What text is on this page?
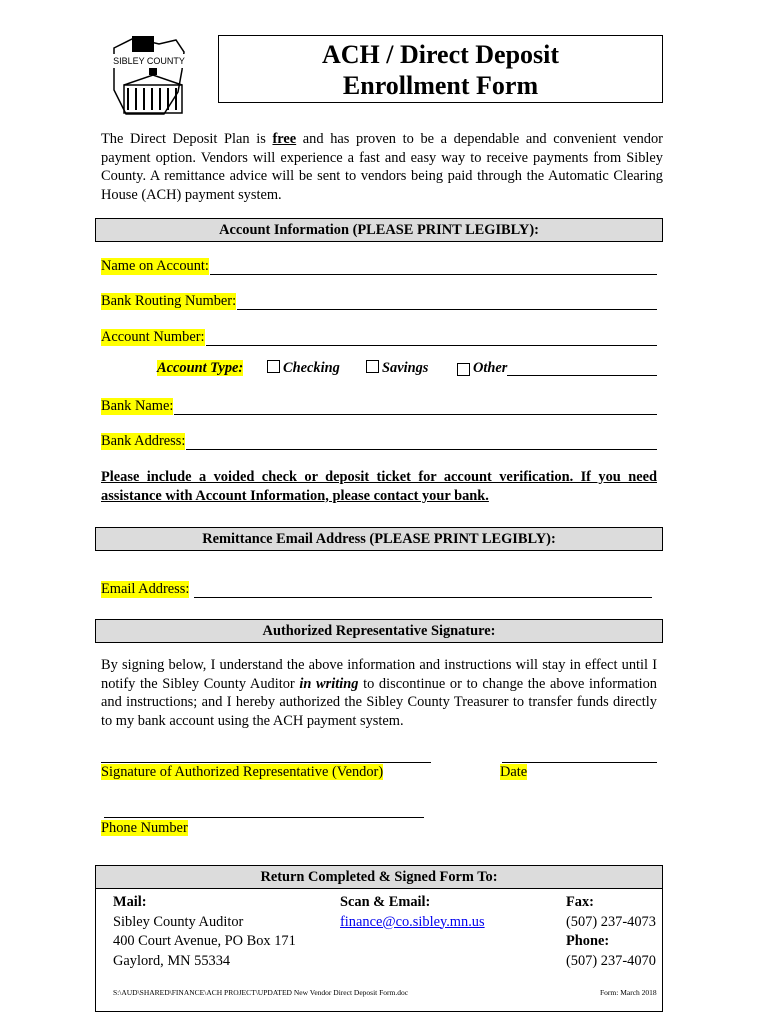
SIBLEY COUNTY	ACH / Direct Deposit
Enrollment Form
The Direct Deposit Plan is free and has proven to be a dependable and convenient vendor payment option. Vendors will experience a fast and easy way to receive payments from Sibley County. A remittance advice will be sent to vendors being paid through the Automatic Clearing House (ACH) payment system.
Account Information (PLEASE PRINT LEGIBLY):
Name on Account:
Bank Routing Number:
Account Number:
Account Type:	Checking	Savings	Other
Bank Name:
Bank Address:
Please include a voided check or deposit ticket for account verification. If you need assistance with Account Information, please contact your bank.
Remittance Email Address (PLEASE PRINT LEGIBLY):
Email Address:
Authorized Representative Signature:
By signing below, I understand the above information and instructions will stay in effect until I notify the Sibley County Auditor in writing to discontinue or to change the above information and instructions; and I hereby authorized the Sibley County Treasurer to transfer funds directly to my bank account using the ACH payment system.
Signature of Authorized Representative (Vendor)	Date
Phone Number
Return Completed & Signed Form To:
Mail:
Sibley County Auditor
400 Court Avenue, PO Box 171
Gaylord, MN 55334
Scan & Email:
finance@co.sibley.mn.us
Fax:
(507) 237-4073
Phone:
(507) 237-4070
S:\AUD\SHARED\FINANCE\ACH PROJECT\UPDATED New Vendor Direct Deposit Form.doc	Form: March 2018
